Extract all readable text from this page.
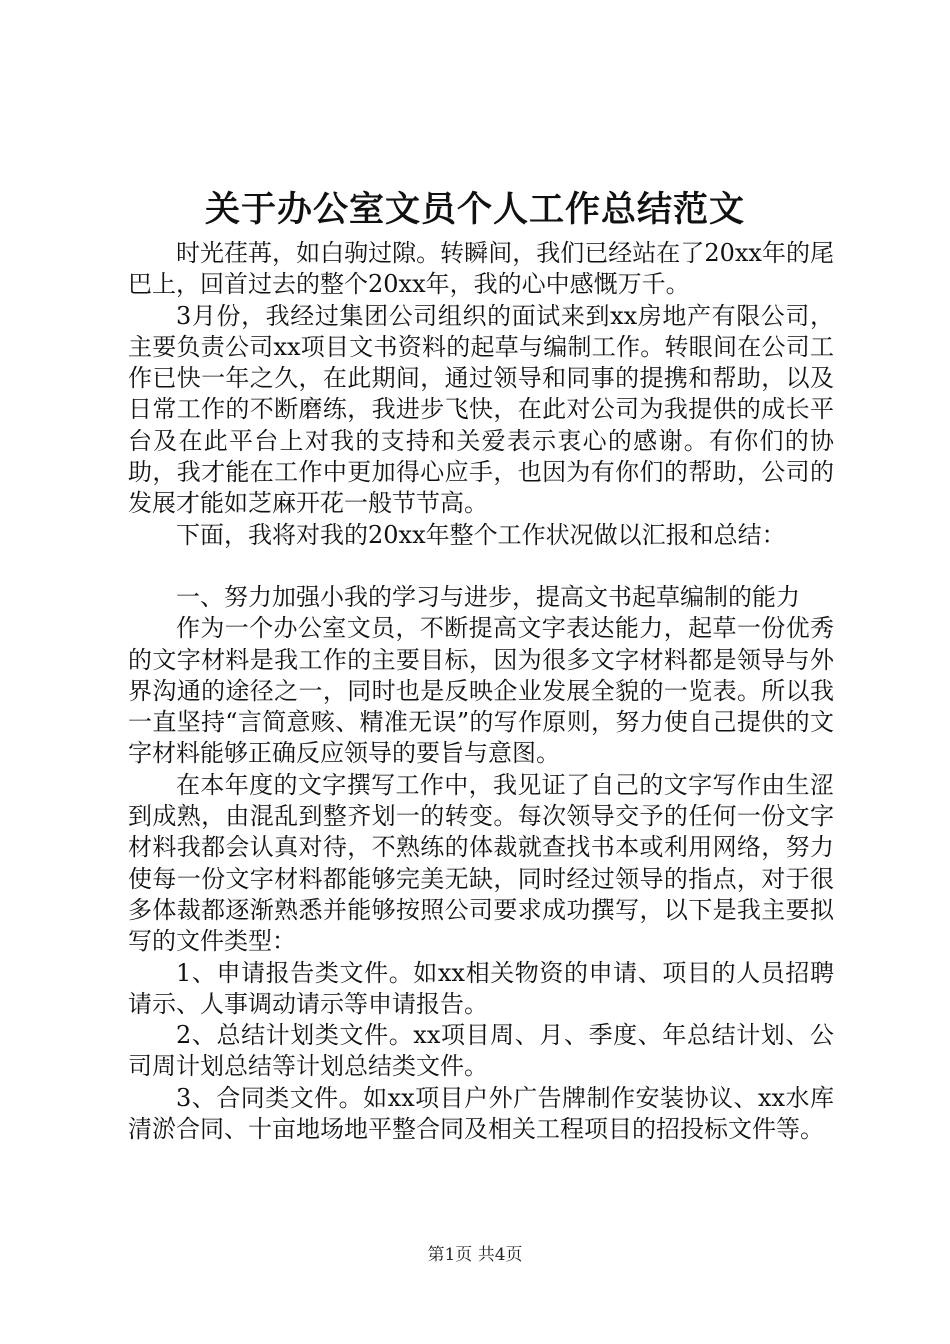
关于办公室文员个人工作总结范文

时光荏苒，如白驹过隙。转瞬间，我们已经站在了20xx年的尾巴上，回首过去的整个20xx年，我的心中感慨万千。

3月份，我经过集团公司组织的面试来到xx房地产有限公司，主要负责公司xx项目文书资料的起草与编制工作。转眼间在公司工作已快一年之久，在此期间，通过领导和同事的提携和帮助，以及日常工作的不断磨练，我进步飞快，在此对公司为我提供的成长平台及在此平台上对我的支持和关爱表示衷心的感谢。有你们的协助，我才能在工作中更加得心应手，也因为有你们的帮助，公司的发展才能如芝麻开花一般节节高。

下面，我将对我的20xx年整个工作状况做以汇报和总结：

一、努力加强小我的学习与进步，提高文书起草编制的能力

作为一个办公室文员，不断提高文字表达能力，起草一份优秀的文字材料是我工作的主要目标，因为很多文字材料都是领导与外界沟通的途径之一，同时也是反映企业发展全貌的一览表。所以我一直坚持“言简意赅、精准无误”的写作原则，努力使自己提供的文字材料能够正确反应领导的要旨与意图。

在本年度的文字撰写工作中，我见证了自己的文字写作由生涩到成熟，由混乱到整齐划一的转变。每次领导交予的任何一份文字材料我都会认真对待，不熟练的体裁就查找书本或利用网络，努力使每一份文字材料都能够完美无缺，同时经过领导的指点，对于很多体裁都逐渐熟悉并能够按照公司要求成功撰写，以下是我主要拟写的文件类型：

1、申请报告类文件。如xx相关物资的申请、项目的人员招聘请示、人事调动请示等申请报告。

2、总结计划类文件。xx项目周、月、季度、年总结计划、公司周计划总结等计划总结类文件。

3、合同类文件。如xx项目户外广告牌制作安装协议、xx水库清淤合同、十亩地场地平整合同及相关工程项目的招投标文件等。

第1页 共4页
